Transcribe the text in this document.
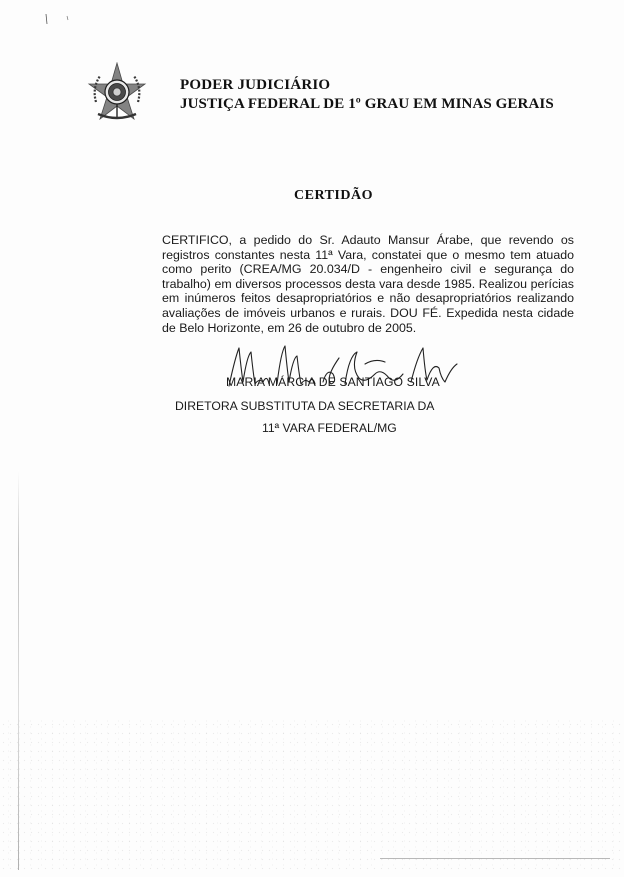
PODER JUDICIÁRIO
JUSTIÇA FEDERAL DE 1º GRAU EM MINAS GERAIS
CERTIDÃO
CERTIFICO, a pedido do Sr. Adauto Mansur Árabe, que revendo os registros constantes nesta 11ª Vara, constatei que o mesmo tem atuado como perito (CREA/MG 20.034/D - engenheiro civil e segurança do trabalho) em diversos processos desta vara desde 1985. Realizou perícias em inúmeros feitos desapropriatórios e não desapropriatórios realizando avaliações de imóveis urbanos e rurais. DOU FÉ. Expedida nesta cidade de Belo Horizonte, em 26 de outubro de 2005.
MARIA MÁRCIA DE SANTIAGO SILVA
DIRETORA SUBSTITUTA DA SECRETARIA DA
11ª VARA FEDERAL/MG
